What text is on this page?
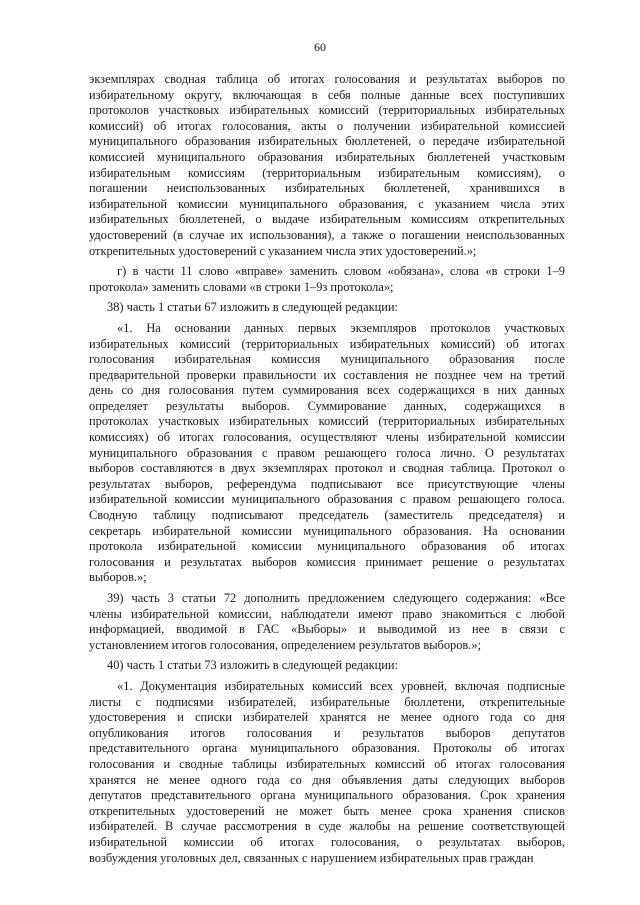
60
экземплярах сводная таблица об итогах голосования и результатах выборов по
избирательному округу, включающая в себя полные данные всех поступивших
протоколов участковых избирательных комиссий (территориальных избирательных
комиссий) об итогах голосования, акты о получении избирательной комиссией
муниципального образования избирательных бюллетеней, о передаче избирательной
комиссией муниципального образования избирательных бюллетеней участковым
избирательным комиссиям (территориальным избирательным комиссиям), о
погашении неиспользованных избирательных бюллетеней, хранившихся в
избирательной комиссии муниципального образования, с указанием числа этих
избирательных бюллетеней, о выдаче избирательным комиссиям открепительных
удостоверений (в случае их использования), а также о погашении неиспользованных
открепительных удостоверений с указанием числа этих удостоверений.»;
г) в части 11 слово «вправе» заменить словом «обязана», слова «в строки 1–9
протокола» заменить словами «в строки 1–9з протокола»;
38) часть 1 статьи 67 изложить в следующей редакции:
«1. На основании данных первых экземпляров протоколов участковых
избирательных комиссий (территориальных избирательных комиссий) об итогах
голосования избирательная комиссия муниципального образования после
предварительной проверки правильности их составления не позднее чем на третий
день со дня голосования путем суммирования всех содержащихся в них данных
определяет результаты выборов. Суммирование данных, содержащихся в
протоколах участковых избирательных комиссий (территориальных избирательных
комиссиях) об итогах голосования, осуществляют члены избирательной комиссии
муниципального образования с правом решающего голоса лично. О результатах
выборов составляются в двух экземплярах протокол и сводная таблица. Протокол о
результатах выборов, референдума подписывают все присутствующие члены
избирательной комиссии муниципального образования с правом решающего голоса.
Сводную таблицу подписывают председатель (заместитель председателя) и
секретарь избирательной комиссии муниципального образования. На основании
протокола избирательной комиссии муниципального образования об итогах
голосования и результатах выборов комиссия принимает решение о результатах
выборов.»;
39) часть 3 статьи 72 дополнить предложением следующего содержания: «Все
члены избирательной комиссии, наблюдатели имеют право знакомиться с любой
информацией, вводимой в ГАС «Выборы» и выводимой из нее в связи с
установлением итогов голосования, определением результатов выборов.»;
40) часть 1 статьи 73 изложить в следующей редакции:
«1. Документация избирательных комиссий всех уровней, включая подписные
листы с подписями избирателей, избирательные бюллетени, открепительные
удостоверения и списки избирателей хранятся не менее одного года со дня
опубликования итогов голосования и результатов выборов депутатов
представительного органа муниципального образования. Протоколы об итогах
голосования и сводные таблицы избирательных комиссий об итогах голосования
хранятся не менее одного года со дня объявления даты следующих выборов
депутатов представительного органа муниципального образования. Срок хранения
открепительных удостоверений не может быть менее срока хранения списков
избирателей. В случае рассмотрения в суде жалобы на решение соответствующей
избирательной комиссии об итогах голосования, о результатах выборов,
возбуждения уголовных дел, связанных с нарушением избирательных прав граждан
